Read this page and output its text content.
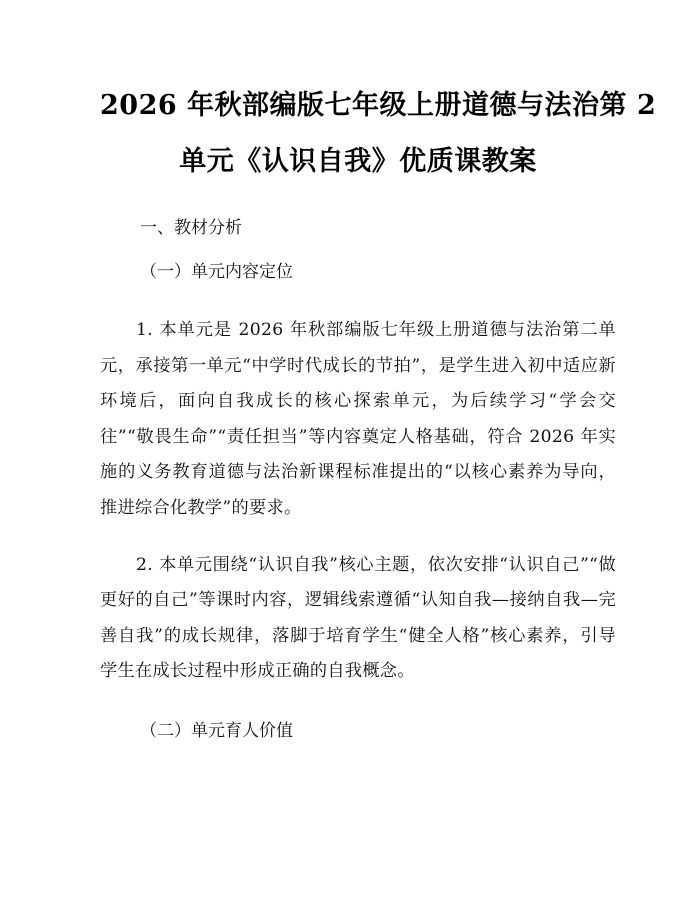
2026 年秋部编版七年级上册道德与法治第 2
单元《认识自我》优质课教案

一、教材分析

（一）单元内容定位

1. 本单元是 2026 年秋部编版七年级上册道德与法治第二单元，承接第一单元“中学时代成长的节拍”，是学生进入初中适应新环境后，面向自我成长的核心探索单元，为后续学习“学会交往”“敬畏生命”“责任担当”等内容奠定人格基础，符合 2026 年实施的义务教育道德与法治新课程标准提出的“以核心素养为导向，推进综合化教学”的要求。

2. 本单元围绕“认识自我”核心主题，依次安排“认识自己”“做更好的自己”等课时内容，逻辑线索遵循“认知自我—接纳自我—完善自我”的成长规律，落脚于培育学生“健全人格”核心素养，引导学生在成长过程中形成正确的自我概念。

（二）单元育人价值
